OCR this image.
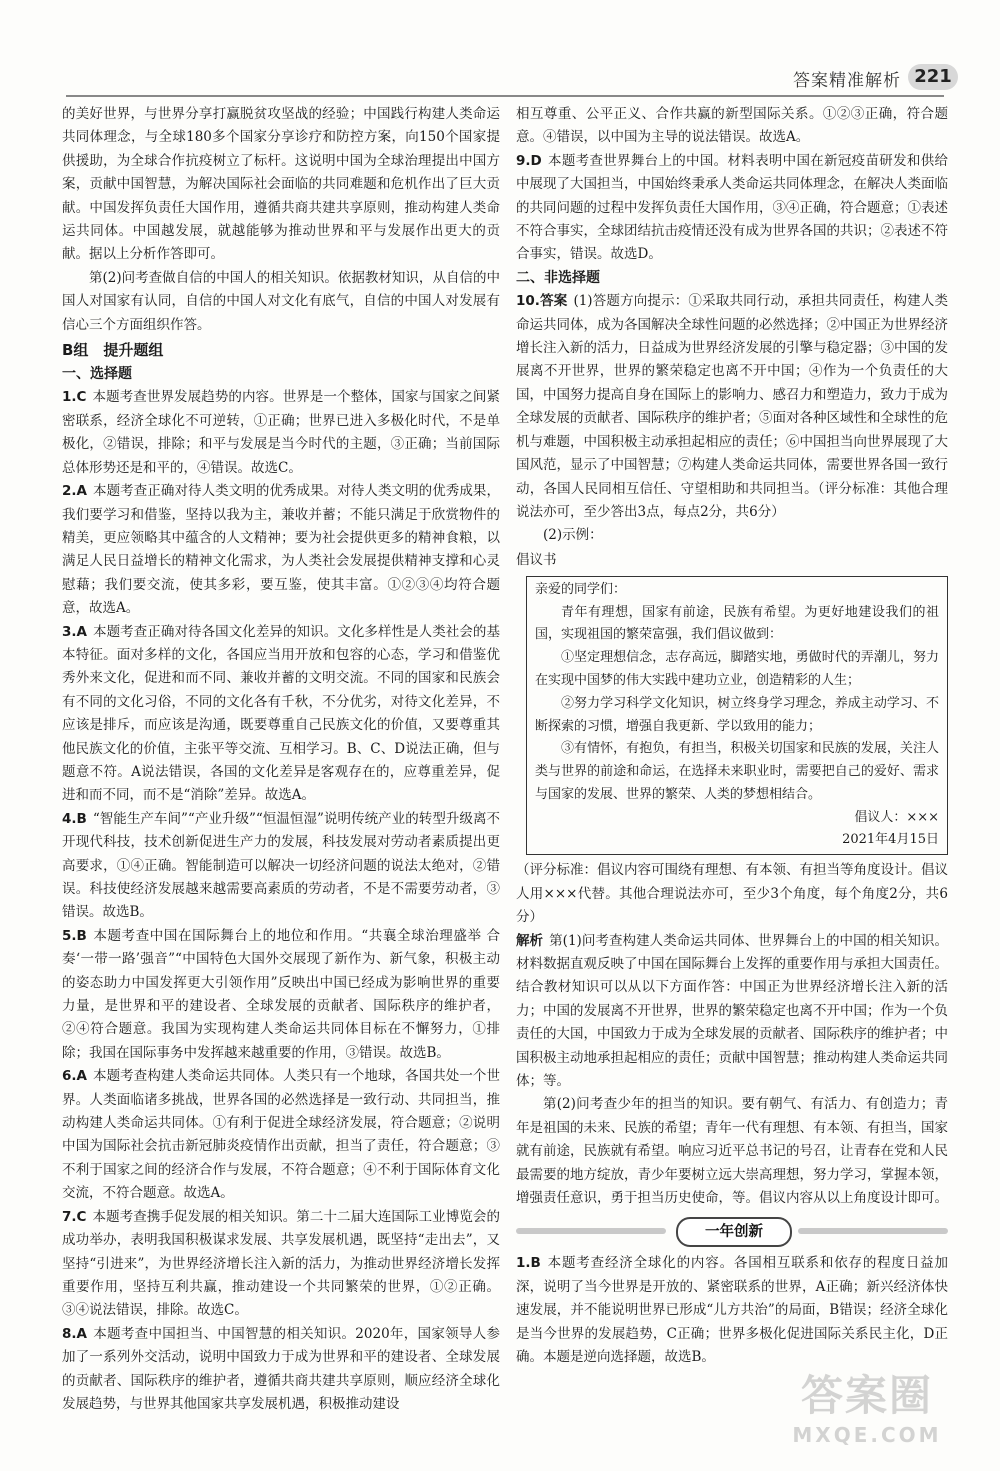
答案精准解析 221

的美好世界，与世界分享打赢脱贫攻坚战的经验；中国践行构建人类命运共同体理念，与全球180多个国家分享诊疗和防控方案，向150个国家提供援助，为全球合作抗疫树立了标杆。这说明中国为全球治理提出中国方案，贡献中国智慧，为解决国际社会面临的共同难题和危机作出了巨大贡献。中国发挥负责任大国作用，遵循共商共建共享原则，推动构建人类命运共同体。中国越发展，就越能够为推动世界和平与发展作出更大的贡献。据以上分析作答即可。

第(2)问考查做自信的中国人的相关知识。依据教材知识，从自信的中国人对国家有认同，自信的中国人对文化有底气，自信的中国人对发展有信心三个方面组织作答。

B组　提升题组

一、选择题

1.C 本题考查世界发展趋势的内容。世界是一个整体，国家与国家之间紧密联系，经济全球化不可逆转，①正确；世界已进入多极化时代，不是单极化，②错误，排除；和平与发展是当今时代的主题，③正确；当前国际总体形势还是和平的，④错误。故选C。

2.A 本题考查正确对待人类文明的优秀成果。对待人类文明的优秀成果，我们要学习和借鉴，坚持以我为主，兼收并蓄；不能只满足于欣赏物件的精美，更应领略其中蕴含的人文精神；要为社会提供更多的精神食粮，以满足人民日益增长的精神文化需求，为人类社会发展提供精神支撑和心灵慰藉；我们要交流，使其多彩，要互鉴，使其丰富。①②③④均符合题意，故选A。

3.A 本题考查正确对待各国文化差异的知识。文化多样性是人类社会的基本特征。面对多样的文化，各国应当用开放和包容的心态，学习和借鉴优秀外来文化，促进和而不同、兼收并蓄的文明交流。不同的国家和民族会有不同的文化习俗，不同的文化各有千秋，不分优劣，对待文化差异，不应该是排斥，而应该是沟通，既要尊重自己民族文化的价值，又要尊重其他民族文化的价值，主张平等交流、互相学习。B、C、D说法正确，但与题意不符。A说法错误，各国的文化差异是客观存在的，应尊重差异，促进和而不同，而不是“消除”差异。故选A。

4.B “智能生产车间”“产业升级”“恒温恒湿”说明传统产业的转型升级离不开现代科技，技术创新促进生产力的发展，科技发展对劳动者素质提出更高要求，①④正确。智能制造可以解决一切经济问题的说法太绝对，②错误。科技使经济发展越来越需要高素质的劳动者，不是不需要劳动者，③错误。故选B。

5.B 本题考查中国在国际舞台上的地位和作用。“共襄全球治理盛举 合奏‘一带一路’强音”“中国特色大国外交展现了新作为、新气象，积极主动的姿态助力中国发挥更大引领作用”反映出中国已经成为影响世界的重要力量，是世界和平的建设者、全球发展的贡献者、国际秩序的维护者，②④符合题意。我国为实现构建人类命运共同体目标在不懈努力，①排除；我国在国际事务中发挥越来越重要的作用，③错误。故选B。

6.A 本题考查构建人类命运共同体。人类只有一个地球，各国共处一个世界。人类面临诸多挑战，世界各国的必然选择是一致行动、共同担当，推动构建人类命运共同体。①有利于促进全球经济发展，符合题意；②说明中国为国际社会抗击新冠肺炎疫情作出贡献，担当了责任，符合题意；③不利于国家之间的经济合作与发展，不符合题意；④不利于国际体育文化交流，不符合题意。故选A。

7.C 本题考查携手促发展的相关知识。第二十二届大连国际工业博览会的成功举办，表明我国积极谋求发展、共享发展机遇，既坚持“走出去”，又坚持“引进来”，为世界经济增长注入新的活力，为推动世界经济增长发挥重要作用，坚持互利共赢，推动建设一个共同繁荣的世界，①②正确。③④说法错误，排除。故选C。

8.A 本题考查中国担当、中国智慧的相关知识。2020年，国家领导人参加了一系列外交活动，说明中国致力于成为世界和平的建设者、全球发展的贡献者、国际秩序的维护者，遵循共商共建共享原则，顺应经济全球化发展趋势，与世界其他国家共享发展机遇，积极推动建设

相互尊重、公平正义、合作共赢的新型国际关系。①②③正确，符合题意。④错误，以中国为主导的说法错误。故选A。

9.D 本题考查世界舞台上的中国。材料表明中国在新冠疫苗研发和供给中展现了大国担当，中国始终秉承人类命运共同体理念，在解决人类面临的共同问题的过程中发挥负责任大国作用，③④正确，符合题意；①表述不符合事实，全球团结抗击疫情还没有成为世界各国的共识；②表述不符合事实，错误。故选D。

二、非选择题

10.答案 (1)答题方向提示：①采取共同行动，承担共同责任，构建人类命运共同体，成为各国解决全球性问题的必然选择；②中国正为世界经济增长注入新的活力，日益成为世界经济发展的引擎与稳定器；③中国的发展离不开世界，世界的繁荣稳定也离不开中国；④作为一个负责任的大国，中国努力提高自身在国际上的影响力、感召力和塑造力，致力于成为全球发展的贡献者、国际秩序的维护者；⑤面对各种区域性和全球性的危机与难题，中国积极主动承担起相应的责任；⑥中国担当向世界展现了大国风范，显示了中国智慧；⑦构建人类命运共同体，需要世界各国一致行动，各国人民同相互信任、守望相助和共同担当。（评分标准：其他合理说法亦可，至少答出3点，每点2分，共6分）

(2)示例：

倡议书

亲爱的同学们：

青年有理想，国家有前途，民族有希望。为更好地建设我们的祖国，实现祖国的繁荣富强，我们倡议做到：

①坚定理想信念，志存高远，脚踏实地，勇做时代的弄潮儿，努力在实现中国梦的伟大实践中建功立业，创造精彩的人生；

②努力学习科学文化知识，树立终身学习理念，养成主动学习、不断探索的习惯，增强自我更新、学以致用的能力；

③有情怀，有抱负，有担当，积极关切国家和民族的发展，关注人类与世界的前途和命运，在选择未来职业时，需要把自己的爱好、需求与国家的发展、世界的繁荣、人类的梦想相结合。

倡议人：×××

2021年4月15日

（评分标准：倡议内容可围绕有理想、有本领、有担当等角度设计。倡议人用×××代替。其他合理说法亦可，至少3个角度，每个角度2分，共6分）

解析 第(1)问考查构建人类命运共同体、世界舞台上的中国的相关知识。材料数据直观反映了中国在国际舞台上发挥的重要作用与承担大国责任。结合教材知识可以从以下方面作答：中国正为世界经济增长注入新的活力；中国的发展离不开世界，世界的繁荣稳定也离不开中国；作为一个负责任的大国，中国致力于成为全球发展的贡献者、国际秩序的维护者；中国积极主动地承担起相应的责任；贡献中国智慧；推动构建人类命运共同体；等。

第(2)问考查少年的担当的知识。要有朝气、有活力、有创造力；青年是祖国的未来、民族的希望；青年一代有理想、有本领、有担当，国家就有前途，民族就有希望。响应习近平总书记的号召，让青春在党和人民最需要的地方绽放，青少年要树立远大崇高理想，努力学习，掌握本领，增强责任意识，勇于担当历史使命，等。倡议内容从以上角度设计即可。

一年创新

1.B 本题考查经济全球化的内容。各国相互联系和依存的程度日益加深，说明了当今世界是开放的、紧密联系的世界，A正确；新兴经济体快速发展，并不能说明世界已形成“儿方共治”的局面，B错误；经济全球化是当今世界的发展趋势，C正确；世界多极化促进国际关系民主化，D正确。本题是逆向选择题，故选B。

答案圈
MXQE.COM
